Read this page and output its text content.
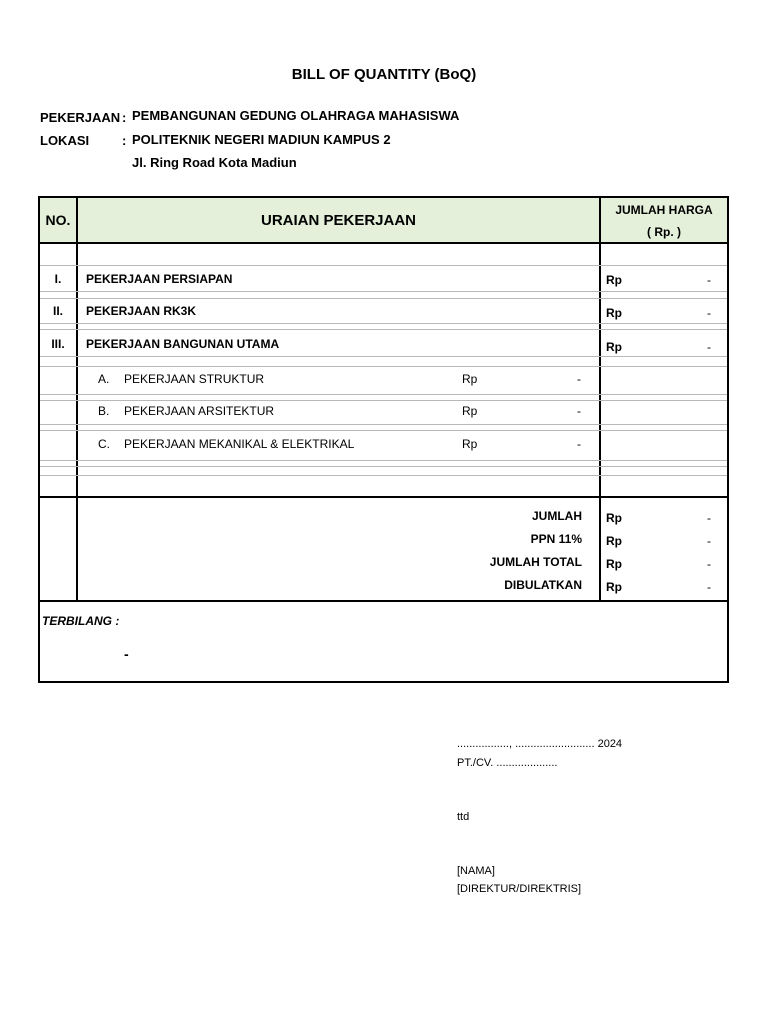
BILL OF QUANTITY (BoQ)
PEKERJAAN : PEMBANGUNAN GEDUNG OLAHRAGA MAHASISWA
LOKASI	: POLITEKNIK NEGERI MADIUN KAMPUS 2
Jl. Ring Road Kota Madiun
NO.	URAIAN PEKERJAAN
JUMLAH HARGA
( Rp. )
I.	PEKERJAAN PERSIAPAN	Rp	-
II.	PEKERJAAN RK3K	Rp	-
III.	PEKERJAAN BANGUNAN UTAMA	Rp	-
A. PEKERJAAN STRUKTUR	Rp	-
B. PEKERJAAN ARSITEKTUR	Rp	-
C. PEKERJAAN MEKANIKAL & ELEKTRIKAL	Rp	-
JUMLAH Rp	-
PPN 11% Rp	-
JUMLAH TOTAL Rp	-
DIBULATKAN Rp	-
TERBILANG :
-
................., .......................... 2024
PT./CV. ....................
ttd
[NAMA]
[DIREKTUR/DIREKTRIS]
